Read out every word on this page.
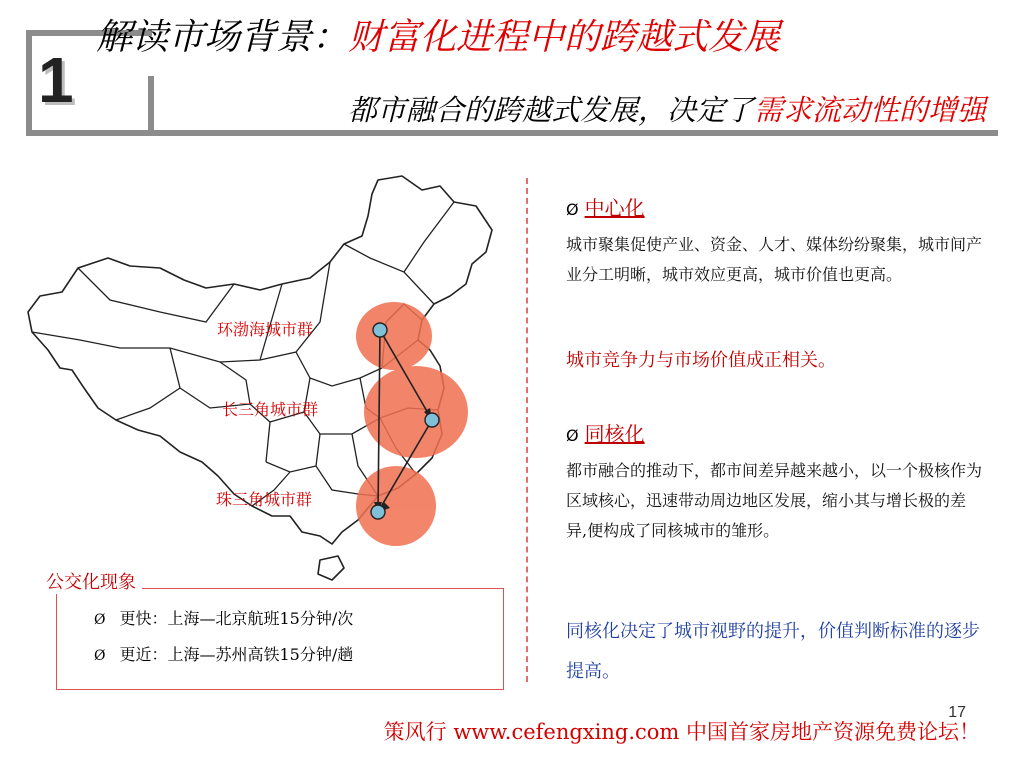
1
解读市场背景：财富化进程中的跨越式发展
都市融合的跨越式发展，决定了需求流动性的增强
环渤海城市群
长三角城市群
珠三角城市群
Ø 中心化
城市聚集促使产业、资金、人才、媒体纷纷聚集，城市间产业分工明晰，城市效应更高，城市价值也更高。
城市竞争力与市场价值成正相关。
Ø 同核化
都市融合的推动下，都市间差异越来越小，以一个极核作为区域核心，迅速带动周边地区发展，缩小其与增长极的差异,便构成了同核城市的雏形。
同核化决定了城市视野的提升，价值判断标准的逐步提高。
公交化现象
Ø 更快：上海—北京航班15分钟/次
Ø 更近：上海—苏州高铁15分钟/趟
17
策风行 www.cefengxing.com 中国首家房地产资源免费论坛！
